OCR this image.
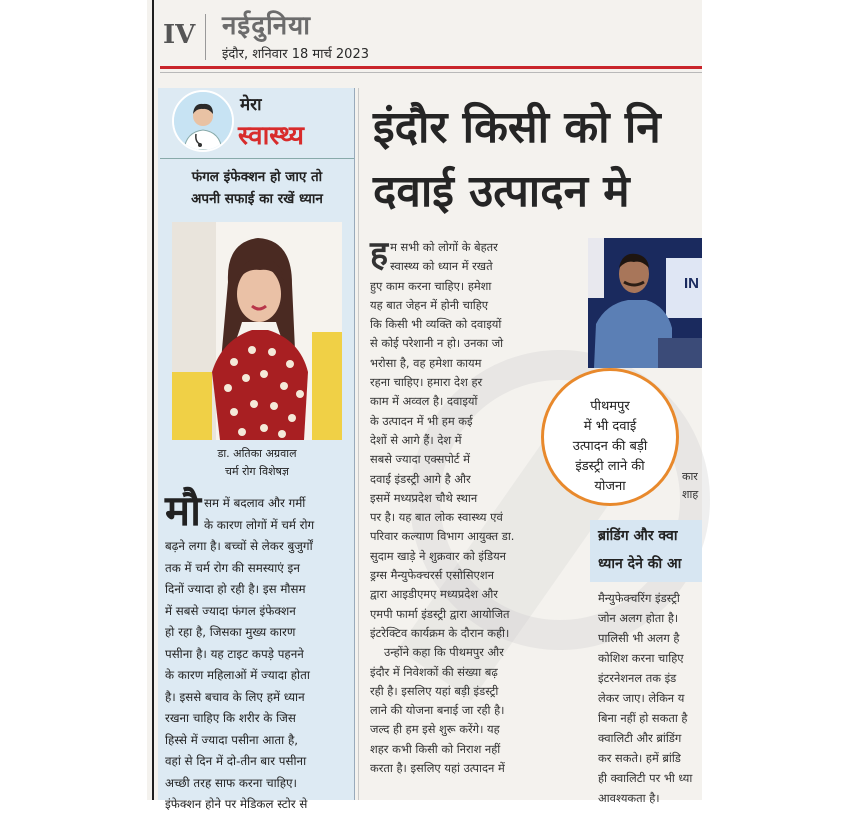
IV नईदुनिया
इंदौर, शनिवार 18 मार्च 2023
मेरा
स्वास्थ्य
फंगल इंफेक्शन हो जाए तो
अपनी सफाई का रखें ध्यान
डा. अतिका अग्रवाल
चर्म रोग विशेषज्ञ
मौ सम में बदलाव और गर्मी
के कारण लोगों में चर्म रोग
बढ़ने लगा है। बच्चों से लेकर बुजुर्गों
तक में चर्म रोग की समस्याएं इन
दिनों ज्यादा हो रही है। इस मौसम
में सबसे ज्यादा फंगल इंफेक्शन
हो रहा है, जिसका मुख्य कारण
पसीना है। यह टाइट कपड़े पहनने
के कारण महिलाओं में ज्यादा होता
है। इससे बचाव के लिए हमें ध्यान
रखना चाहिए कि शरीर के जिस
हिस्से में ज्यादा पसीना आता है,
वहां से दिन में दो-तीन बार पसीना
अच्छी तरह साफ करना चाहिए।
इंफेक्शन होने पर मेडिकल स्टोर से
इंदौर किसी को नि
दवाई उत्पादन मे
ह म सभी को लोगों के बेहतर
स्वास्थ्य को ध्यान में रखते
हुए काम करना चाहिए। हमेशा
यह बात जेहन में होनी चाहिए
कि किसी भी व्यक्ति को दवाइयों
से कोई परेशानी न हो। उनका जो
भरोसा है, वह हमेशा कायम
रहना चाहिए। हमारा देश हर
काम में अव्वल है। दवाइयों
के उत्पादन में भी हम कई
देशों से आगे हैं। देश में
सबसे ज्यादा एक्सपोर्ट में
दवाई इंडस्ट्री आगे है और
इसमें मध्यप्रदेश चौथे स्थान
पर है। यह बात लोक स्वास्थ्य एवं
परिवार कल्याण विभाग आयुक्त डा.
सुदाम खाड़े ने शुक्रवार को इंडियन
ड्रग्स मैन्युफेक्चरर्स एसोसिएशन
द्वारा आइडीएमए मध्यप्रदेश और
एमपी फार्मा इंडस्ट्री द्वारा आयोजित
इंटरेक्टिव कार्यक्रम के दौरान कही।
उन्होंने कहा कि पीथमपुर और
इंदौर में निवेशकों की संख्या बढ़
रही है। इसलिए यहां बड़ी इंडस्ट्री
लाने की योजना बनाई जा रही है।
जल्द ही हम इसे शुरू करेंगे। यह
शहर कभी किसी को निराश नहीं
करता है। इसलिए यहां उत्पादन में
IN
पीथमपुर
में भी दवाई
उत्पादन की बड़ी
इंडस्ट्री लाने की
योजना
कार
शाह
ब्रांडिंग और क्वा
ध्यान देने की आ
मैन्युफेक्चरिंग इंडस्ट्री
जोन अलग होता है।
पालिसी भी अलग है
कोशिश करना चाहिए
इंटरनेशनल तक इंड
लेकर जाए। लेकिन य
बिना नहीं हो सकता है
क्वालिटी और ब्रांडिंग
कर सकते। हमें ब्रांडि
ही क्वालिटी पर भी ध्या
आवश्यकता है।
